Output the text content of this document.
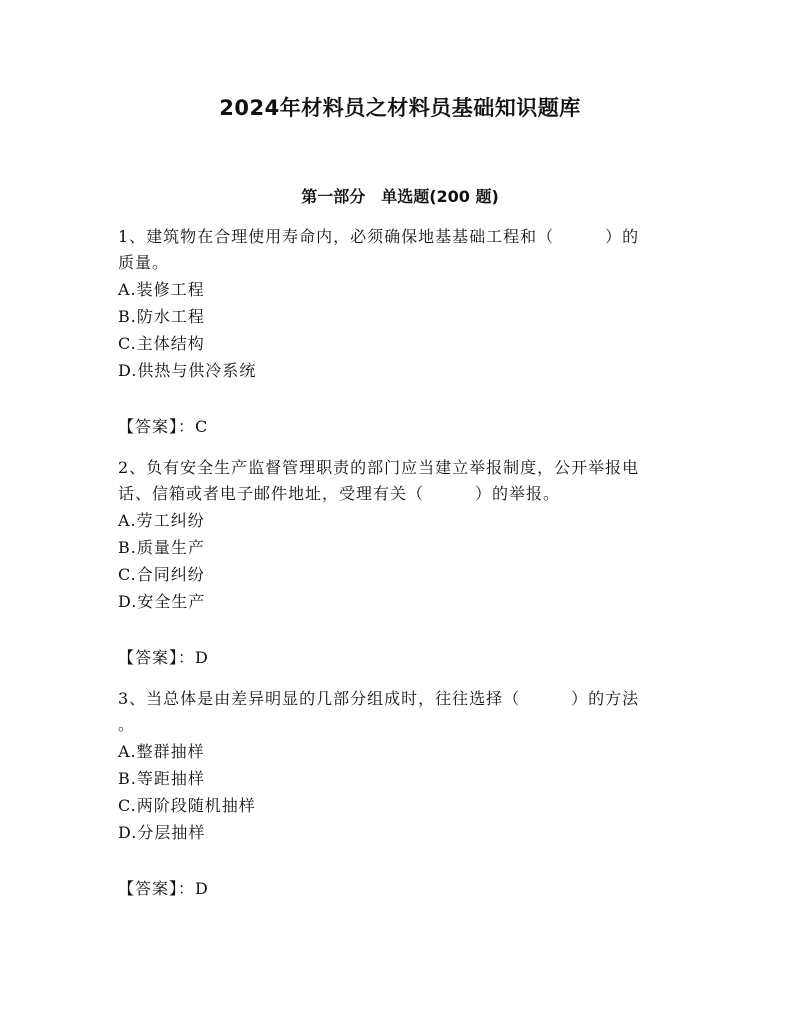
2024年材料员之材料员基础知识题库
第一部分　单选题(200 题)

1、建筑物在合理使用寿命内，必须确保地基基础工程和（　　　）的

质量。

A.装修工程

B.防水工程

C.主体结构

D.供热与供冷系统

【答案】：C

2、负有安全生产监督管理职责的部门应当建立举报制度，公开举报电

话、信箱或者电子邮件地址，受理有关（　　　）的举报。

A.劳工纠纷

B.质量生产

C.合同纠纷

D.安全生产

【答案】：D

3、当总体是由差异明显的几部分组成时，往往选择（　　　）的方法

。

A.整群抽样

B.等距抽样

C.两阶段随机抽样

D.分层抽样

【答案】：D
